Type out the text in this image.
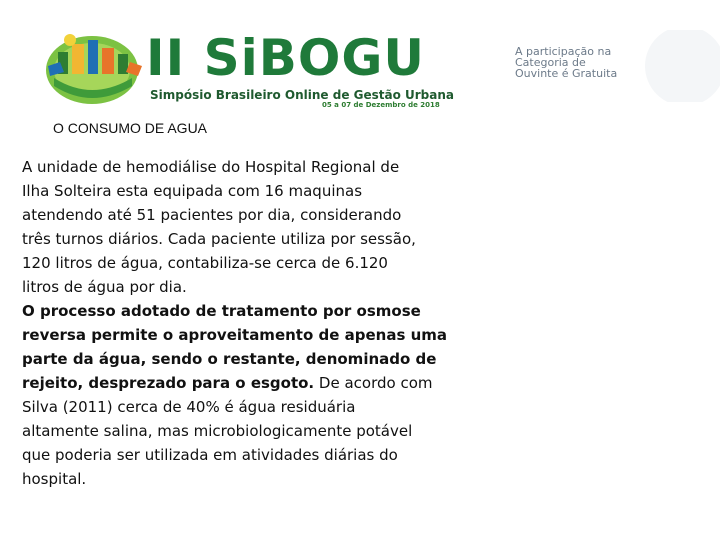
II SiBOGU
Simpósio Brasileiro Online de Gestão Urbana
05 a 07 de Dezembro de 2018
A participação na
Categoria de
Ouvinte é Gratuita
O CONSUMO DE AGUA
A unidade de hemodiálise do Hospital Regional de
Ilha Solteira esta equipada com 16 maquinas
atendendo até 51 pacientes por dia, considerando
três turnos diários. Cada paciente utiliza por sessão,
120 litros de água, contabiliza-se cerca de 6.120
litros de água por dia.
O processo adotado de tratamento por osmose
reversa permite o aproveitamento de apenas uma
parte da água, sendo o restante, denominado de
rejeito, desprezado para o esgoto. De acordo com
Silva (2011) cerca de 40% é água residuária
altamente salina, mas microbiologicamente potável
que poderia ser utilizada em atividades diárias do
hospital.
